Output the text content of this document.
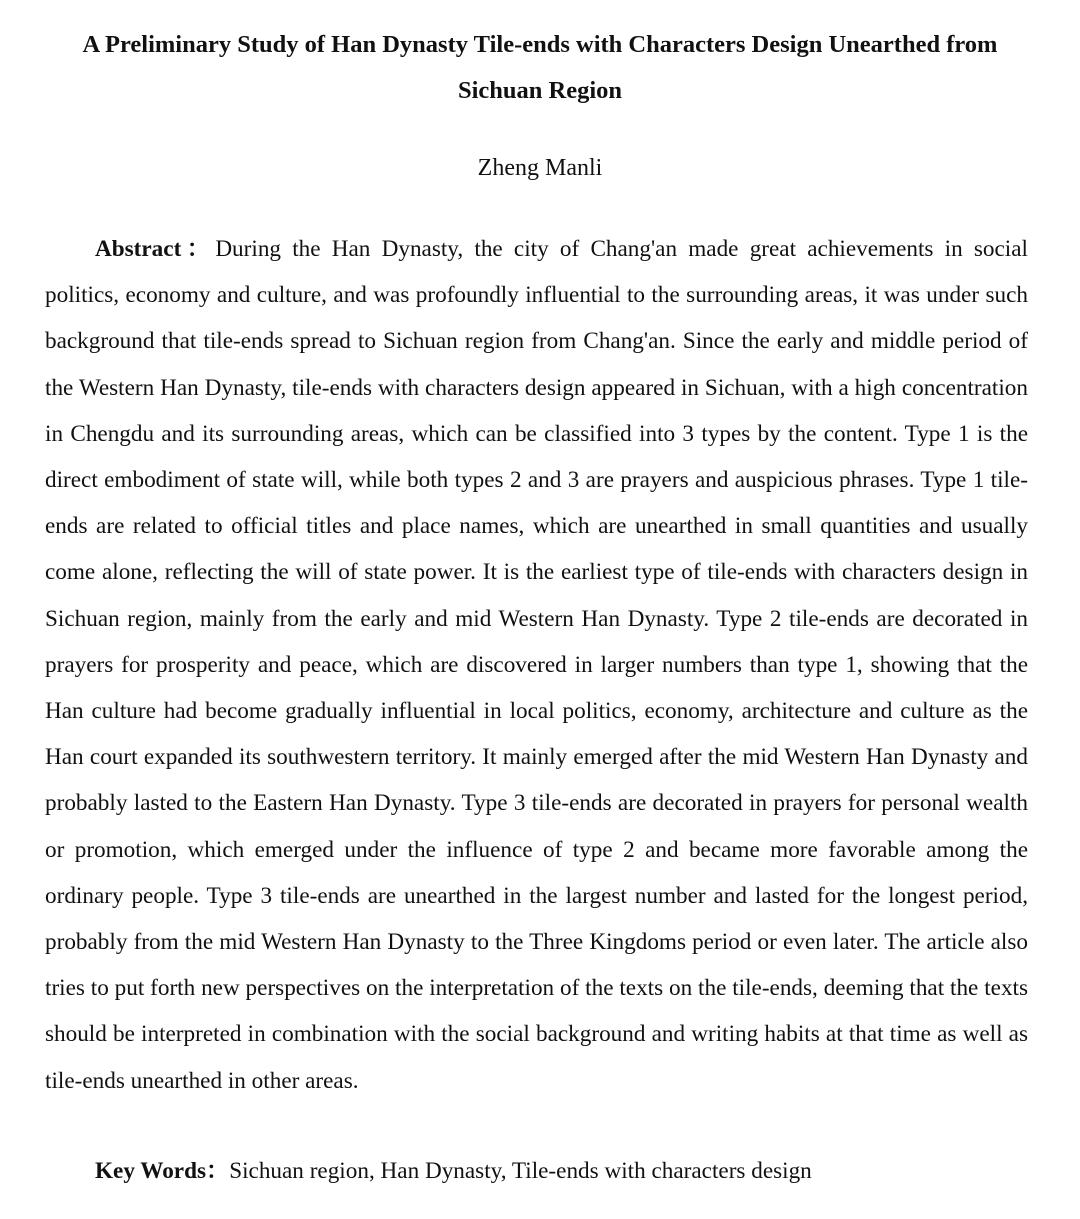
A Preliminary Study of Han Dynasty Tile-ends with Characters Design Unearthed from Sichuan Region

Zheng Manli

Abstract：During the Han Dynasty, the city of Chang'an made great achievements in social politics, economy and culture, and was profoundly influential to the surrounding areas, it was under such background that tile-ends spread to Sichuan region from Chang'an. Since the early and middle period of the Western Han Dynasty, tile-ends with characters design appeared in Sichuan, with a high concentration in Chengdu and its surrounding areas, which can be classified into 3 types by the content. Type 1 is the direct embodiment of state will, while both types 2 and 3 are prayers and auspicious phrases. Type 1 tile-ends are related to official titles and place names, which are unearthed in small quantities and usually come alone, reflecting the will of state power. It is the earliest type of tile-ends with characters design in Sichuan region, mainly from the early and mid Western Han Dynasty. Type 2 tile-ends are decorated in prayers for prosperity and peace, which are discovered in larger numbers than type 1, showing that the Han culture had become gradually influential in local politics, economy, architecture and culture as the Han court expanded its southwestern territory. It mainly emerged after the mid Western Han Dynasty and probably lasted to the Eastern Han Dynasty. Type 3 tile-ends are decorated in prayers for personal wealth or promotion, which emerged under the influence of type 2 and became more favorable among the ordinary people. Type 3 tile-ends are unearthed in the largest number and lasted for the longest period, probably from the mid Western Han Dynasty to the Three Kingdoms period or even later. The article also tries to put forth new perspectives on the interpretation of the texts on the tile-ends, deeming that the texts should be interpreted in combination with the social background and writing habits at that time as well as tile-ends unearthed in other areas.

Key Words：Sichuan region, Han Dynasty, Tile-ends with characters design
